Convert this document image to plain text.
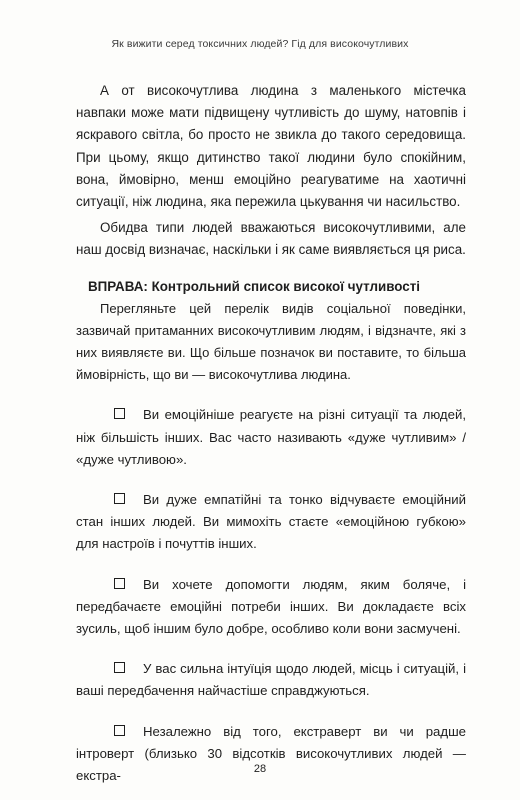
Як вижити серед токсичних людей? Гід для високочутливих

А от високочутлива людина з маленького містечка навпаки може мати підвищену чутливість до шуму, натовпів і яскравого світла, бо просто не звикла до такого середовища. При цьому, якщо дитинство такої людини було спокійним, вона, ймовірно, менш емоційно реагуватиме на хаотичні ситуації, ніж людина, яка пережила цькування чи насильство.

Обидва типи людей вважаються високочутливими, але наш досвід визначає, наскільки і як саме виявляється ця риса.

ВПРАВА: Контрольний список високої чутливості

Перегляньте цей перелік видів соціальної поведінки, зазвичай притаманних високочутливим людям, і відзначте, які з них виявляєте ви. Що більше позначок ви поставите, то більша ймовірність, що ви — високочутлива людина.

Ви емоційніше реагуєте на різні ситуації та людей, ніж більшість інших. Вас часто називають «дуже чутливим» / «дуже чутливою».
Ви дуже емпатійні та тонко відчуваєте емоційний стан інших людей. Ви мимохіть стаєте «емоційною губкою» для настроїв і почуттів інших.
Ви хочете допомогти людям, яким боляче, і передбачаєте емоційні потреби інших. Ви докладаєте всіх зусиль, щоб іншим було добре, особливо коли вони засмучені.
У вас сильна інтуїція щодо людей, місць і ситуацій, і ваші передбачення найчастіше справджуються.
Незалежно від того, екстраверт ви чи радше інтроверт (близько 30 відсотків високочутливих людей — екстра-	28
